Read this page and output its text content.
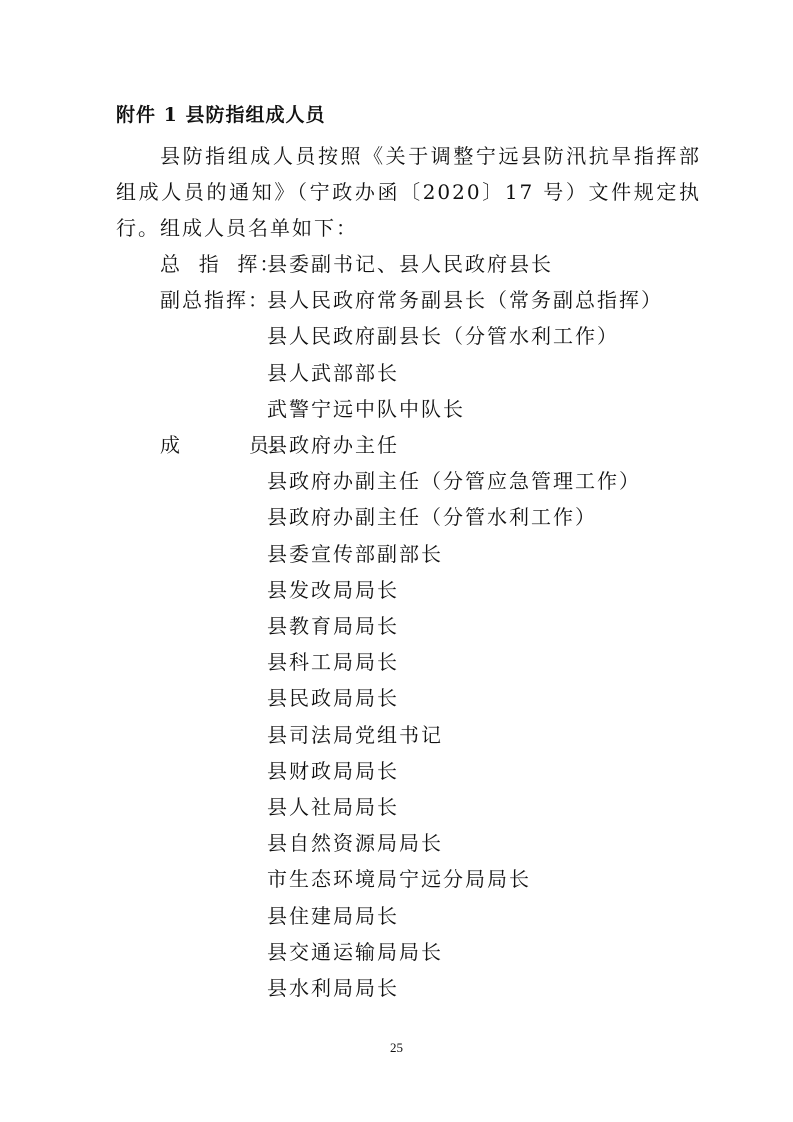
附件 1 县防指组成人员
县防指组成人员按照《关于调整宁远县防汛抗旱指挥部组成人员的通知》（宁政办函〔2020〕17 号）文件规定执行。组成人员名单如下：
总  指  挥：
县委副书记、县人民政府县长
副总指挥：
县人民政府常务副县长（常务副总指挥）
县人民政府副县长（分管水利工作）
县人武部部长
武警宁远中队中队长
成        员：
县政府办主任
县政府办副主任（分管应急管理工作）
县政府办副主任（分管水利工作）
县委宣传部副部长
县发改局局长
县教育局局长
县科工局局长
县民政局局长
县司法局党组书记
县财政局局长
县人社局局长
县自然资源局局长
市生态环境局宁远分局局长
县住建局局长
县交通运输局局长
县水利局局长
25
